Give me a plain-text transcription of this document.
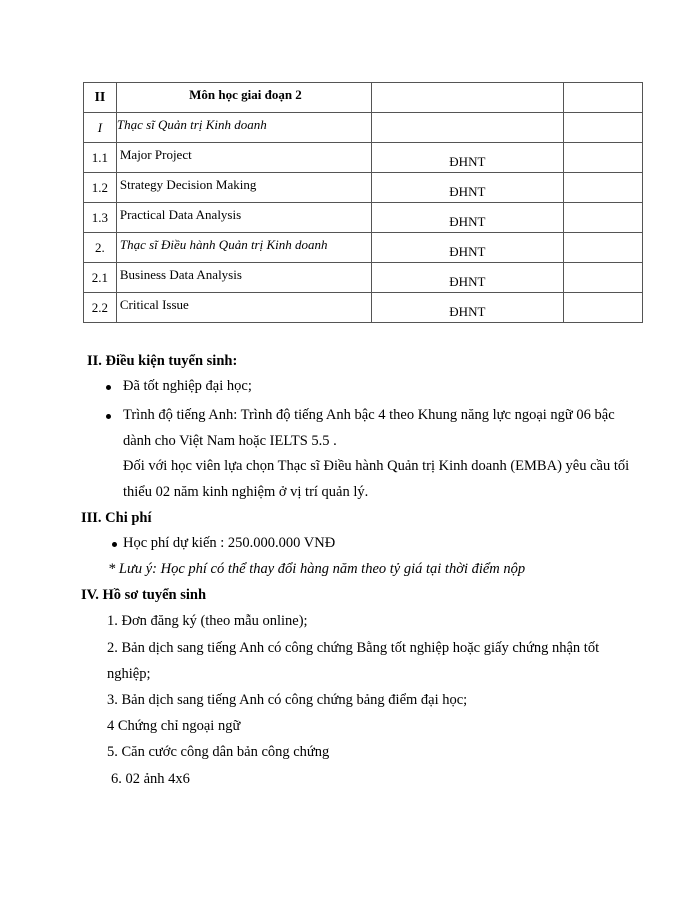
II	Môn học giai đoạn 2		
I	Thạc sĩ Quản trị Kinh doanh		
1.1	Major Project	ĐHNT	
1.2	Strategy Decision Making	ĐHNT	
1.3	Practical Data Analysis	ĐHNT	
2.	Thạc sĩ Điều hành Quản trị Kinh doanh	ĐHNT	
2.1	Business Data Analysis	ĐHNT	
2.2	Critical Issue	ĐHNT	
II. Điều kiện tuyển sinh:
Đã tốt nghiệp đại học;
Trình độ tiếng Anh: Trình độ tiếng Anh bậc 4 theo Khung năng lực ngoại ngữ 06 bậc
dành cho Việt Nam hoặc IELTS 5.5 .
Đối với học viên lựa chọn Thạc sĩ Điều hành Quản trị Kinh doanh (EMBA) yêu cầu tối
thiểu 02 năm kinh nghiệm ở vị trí quản lý.
III. Chi phí
Học phí dự kiến : 250.000.000 VNĐ
* Lưu ý: Học phí có thể thay đổi hàng năm theo tỷ giá tại thời điểm nộp
IV. Hồ sơ tuyển sinh
1. Đơn đăng ký (theo mẫu online);
2. Bản dịch sang tiếng Anh có công chứng Bằng tốt nghiệp hoặc giấy chứng nhận tốt
nghiệp;
3. Bản dịch sang tiếng Anh có công chứng bảng điểm đại học;
4 Chứng chỉ ngoại ngữ
5. Căn cước công dân bản công chứng
6. 02 ảnh 4x6
